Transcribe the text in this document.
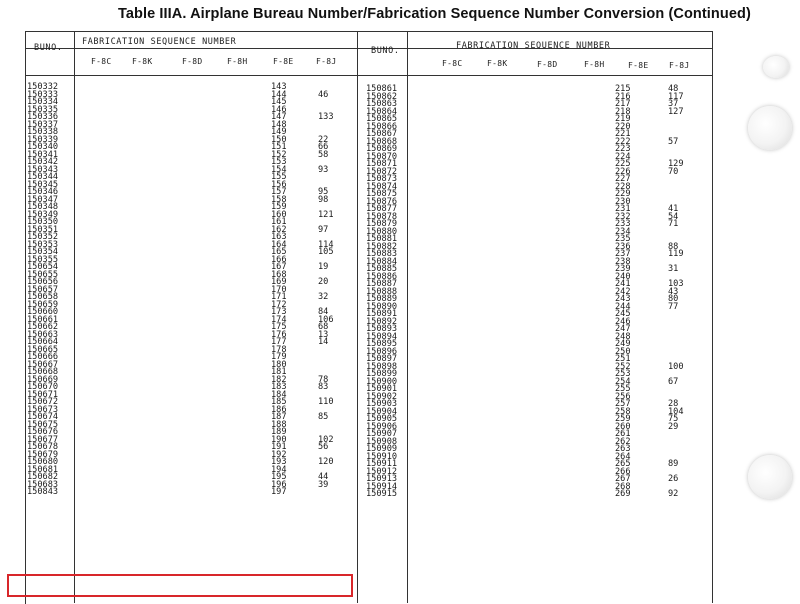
Table IIIA. Airplane Bureau Number/Fabrication Sequence Number Conversion (Continued)
BUNO.
FABRICATION SEQUENCE NUMBER
F-8C	F-8K	F-8D	F-8H	F-8E	F-8J
BUNO.	FABRICATION SEQUENCE NUMBER
F-8C	F-8K	F-8D	F-8H	F-8E	F-8J
150332	143
150333	144	46
150334	145
150335	146
150336	147	133
150337	148
150338	149
150339	150	22
150340	151	66
150341	152	58
150342	153
150343	154	93
150344	155
150345	156
150346	157	95
150347	158	98
150348	159
150349	160	121
150350	161
150351	162	97
150352	163
150353	164	114
150354	165	105
150355	166
150654	167	19
150655	168
150656	169	20
150657	170
150658	171	32
150659	172
150660	173	84
150661	174	106
150662	175	68
150663	176	13
150664	177	14
150665	178
150666	179
150667	180
150668	181
150669	182	78
150670	183	83
150671	184
150672	185	110
150673	186
150674	187	85
150675	188
150676	189
150677	190	102
150678	191	56
150679	192
150680	193	120
150681	194
150682	195	44
150683	196	39
150843	197
150861	215	48
150862	216	117
150863	217	37
150864	218	127
150865	219
150866	220
150867	221
150868	222	57
150869	223
150870	224
150871	225	129
150872	226	70
150873	227
150874	228
150875	229
150876	230
150877	231	41
150878	232	54
150879	233	71
150880	234
150881	235
150882	236	88
150883	237	119
150884	238
150885	239	31
150886	240
150887	241	103
150888	242	43
150889	243	80
150890	244	77
150891	245
150892	246
150893	247
150894	248
150895	249
150896	250
150897	251
150898	252	100
150899	253
150900	254	67
150901	255
150902	256
150903	257	28
150904	258	104
150905	259	75
150906	260	29
150907	261
150908	262
150909	263
150910	264
150911	265	89
150912	266
150913	267	26
150914	268
150915	269	92
